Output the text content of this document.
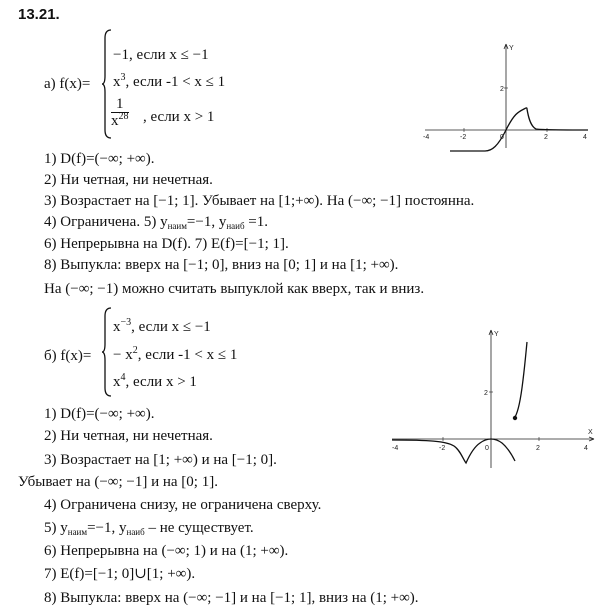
13.21.
а) f(x)=
−1, если x ≤ −1
$x^3$, если -1 < x ≤ 1
$\frac{1}{x^{28}}$ , если x > 1
-4	-2	0	2	4
2
Y
1) D(f)=(−∞; +∞).
2) Ни четная, ни нечетная.
3) Возрастает на [−1; 1]. Убывает на [1;+∞). На (−∞; −1] постоянна.
4) Ограничена. 5) $y_{наим}=-1$, $y_{наиб} =1$.
6) Непрерывна на D(f). 7) E(f)=[−1; 1].
8) Выпукла: вверх на [−1; 0], вниз на [0; 1] и на [1; +∞).
На (−∞; −1) можно считать выпуклой как вверх, так и вниз.
б) f(x)=
$x^{-3}$, если x ≤ −1
− $x^2$, если -1 < x ≤ 1
$x^4$, если x > 1
-4	-2	0	2	4
2
X
Y
1) D(f)=(−∞; +∞).
2) Ни четная, ни нечетная.
3) Возрастает на [1; +∞) и на [−1; 0].
Убывает на (−∞; −1] и на [0; 1].
4) Ограничена снизу, не ограничена сверху.
5) $y_{наим}=-1$, $y_{наиб}$ – не существует.
6) Непрерывна на (−∞; 1) и на (1; +∞).
7) E(f)=[−1; 0]∪[1; +∞).
8) Выпукла: вверх на (−∞; −1] и на [−1; 1], вниз на (1; +∞).
